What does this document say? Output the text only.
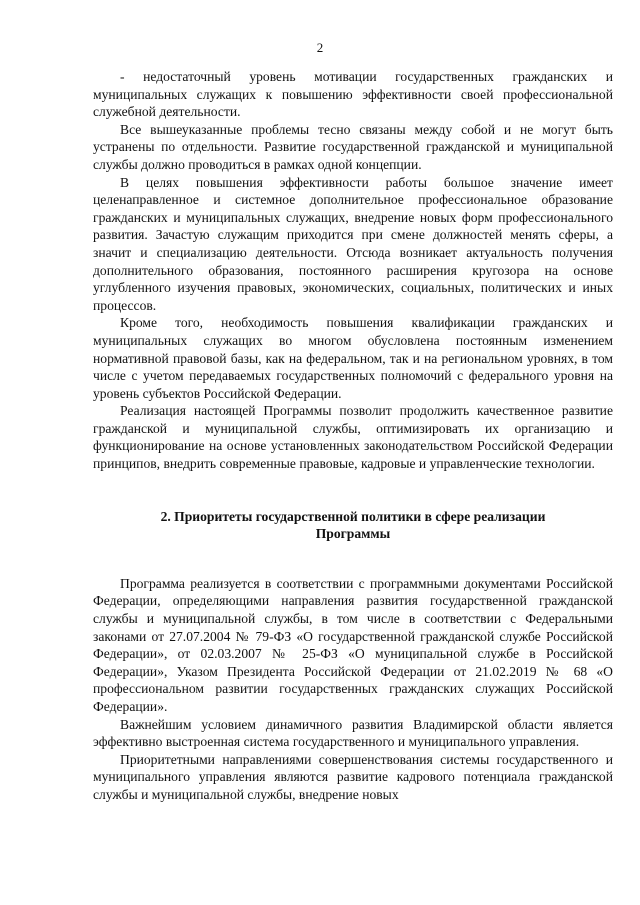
2

- недостаточный уровень мотивации государственных гражданских и муниципальных служащих к повышению эффективности своей профессиональной служебной деятельности.

Все вышеуказанные проблемы тесно связаны между собой и не могут быть устранены по отдельности. Развитие государственной гражданской и муниципальной службы должно проводиться в рамках одной концепции.

В целях повышения эффективности работы большое значение имеет целенаправленное и системное дополнительное профессиональное образование гражданских и муниципальных служащих, внедрение новых форм профессионального развития. Зачастую служащим приходится при смене должностей менять сферы, а значит и специализацию деятельности. Отсюда возникает актуальность получения дополнительного образования, постоянного расширения кругозора на основе углубленного изучения правовых, экономических, социальных, политических и иных процессов.

Кроме того, необходимость повышения квалификации гражданских и муниципальных служащих во многом обусловлена постоянным изменением нормативной правовой базы, как на федеральном, так и на региональном уровнях, в том числе с учетом передаваемых государственных полномочий с федерального уровня на уровень субъектов Российской Федерации.

Реализация настоящей Программы позволит продолжить качественное развитие гражданской и муниципальной службы, оптимизировать их организацию и функционирование на основе установленных законодательством Российской Федерации принципов, внедрить современные правовые, кадровые и управленческие технологии.

2. Приоритеты государственной политики в сфере реализации
Программы

Программа реализуется в соответствии с программными документами Российской Федерации, определяющими направления развития государственной гражданской службы и муниципальной службы, в том числе в соответствии с Федеральными законами от 27.07.2004 № 79-ФЗ «О государственной гражданской службе Российской Федерации», от 02.03.2007 № 25-ФЗ «О муниципальной службе в Российской Федерации», Указом Президента Российской Федерации от 21.02.2019 № 68 «О профессиональном развитии государственных гражданских служащих Российской Федерации».

Важнейшим условием динамичного развития Владимирской области является эффективно выстроенная система государственного и муниципального управления.

Приоритетными направлениями совершенствования системы государственного и муниципального управления являются развитие кадрового потенциала гражданской службы и муниципальной службы, внедрение новых
